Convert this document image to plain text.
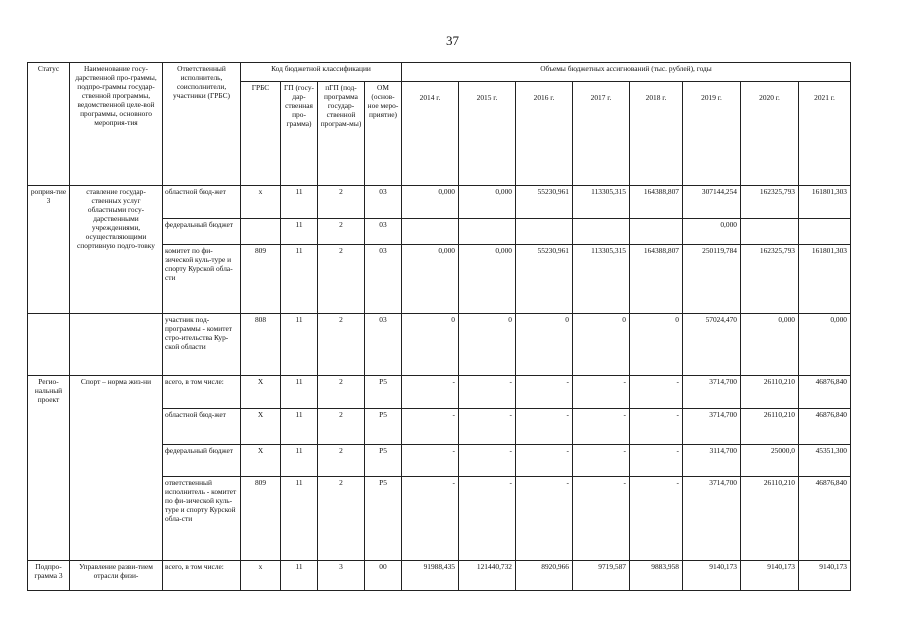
37
Статус	Наименование госу-дарственной про-граммы, подпро-граммы государ-ственной программы, ведомственной целе-вой программы, основного мероприя-тия	Ответственный исполнитель, соисполнители, участники (ГРБС)	Код бюджетной классификации				Объемы бюджетных ассигнований (тыс. рублей), годы							
			ГРБС	ГП (госу-дар-ственная про-грамма)	пГП (под-программа государ-ственной програм-мы)	ОМ (основ-ное меро-приятие)	2014 г.	2015 г.	2016 г.	2017 г.	2018 г.	2019 г.	2020 г.	2021 г.
роприя-тие 3	ставление государ-ственных услуг областными госу-дарственными учреждениями, осуществляющими спортивную подго-товку	областной бюд-жет	х	11	2	03	0,000	0,000	55230,961	113305,315	164388,807	307144,254	162325,793	161801,303
		федеральный бюджет		11	2	03						0,000		
		комитет по фи-зической куль-туре и спорту Курской обла-сти	809	11	2	03	0,000	0,000	55230,961	113305,315	164388,807	250119,784	162325,793	161801,303
		участник под-программы - комитет стро-ительства Кур-ской области	808	11	2	03	0	0	0	0	0	57024,470	0,000	0,000
Регио-нальный проект	Спорт – норма жиз-ни	всего, в том числе:	Х	11	2	Р5	-	-	-	-	-	3714,700	26110,210	46876,840
		областной бюд-жет	Х	11	2	Р5	-	-	-	-	-	3714,700	26110,210	46876,840
		федеральный бюджет	Х	11	2	Р5	-	-	-	-	-	3114,700	25000,0	45351,300
		ответственный исполнитель - комитет по фи-зической куль-туре и спорту Курской обла-сти	809	11	2	Р5	-	-	-	-	-	3714,700	26110,210	46876,840
Подпро-грамма 3	Управление разви-тием отрасли физи-	всего, в том числе:	х	11	3	00	91988,435	121440,732	8920,966	9719,587	9883,958	9140,173	9140,173	9140,173
